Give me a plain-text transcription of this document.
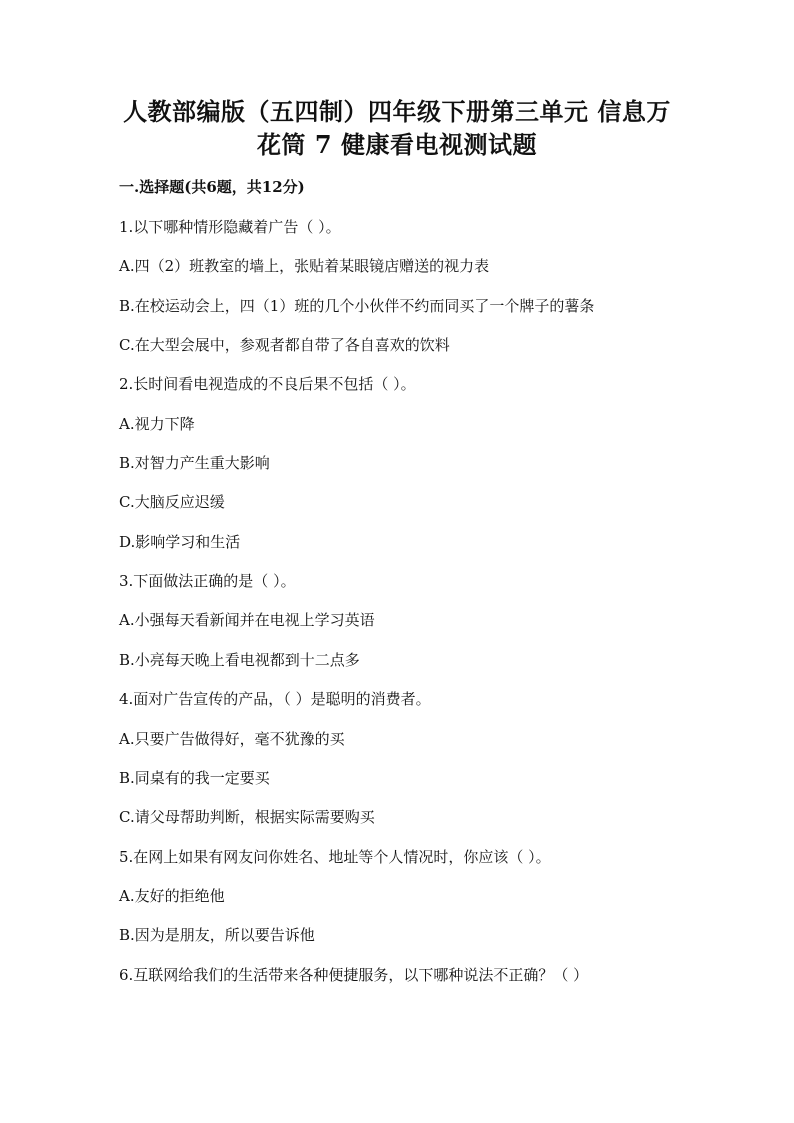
人教部编版（五四制）四年级下册第三单元 信息万
花筒 7 健康看电视测试题
一.选择题(共6题，共12分)
1.以下哪种情形隐藏着广告（ ）。
A.四（2）班教室的墙上，张贴着某眼镜店赠送的视力表
B.在校运动会上，四（1）班的几个小伙伴不约而同买了一个牌子的薯条
C.在大型会展中，参观者都自带了各自喜欢的饮料
2.长时间看电视造成的不良后果不包括（ ）。
A.视力下降
B.对智力产生重大影响
C.大脑反应迟缓
D.影响学习和生活
3.下面做法正确的是（ ）。
A.小强每天看新闻并在电视上学习英语
B.小亮每天晚上看电视都到十二点多
4.面对广告宣传的产品，（ ）是聪明的消费者。
A.只要广告做得好，毫不犹豫的买
B.同桌有的我一定要买
C.请父母帮助判断，根据实际需要购买
5.在网上如果有网友问你姓名、地址等个人情况时，你应该（ ）。
A.友好的拒绝他
B.因为是朋友，所以要告诉他
6.互联网给我们的生活带来各种便捷服务，以下哪种说法不正确？（ ）
